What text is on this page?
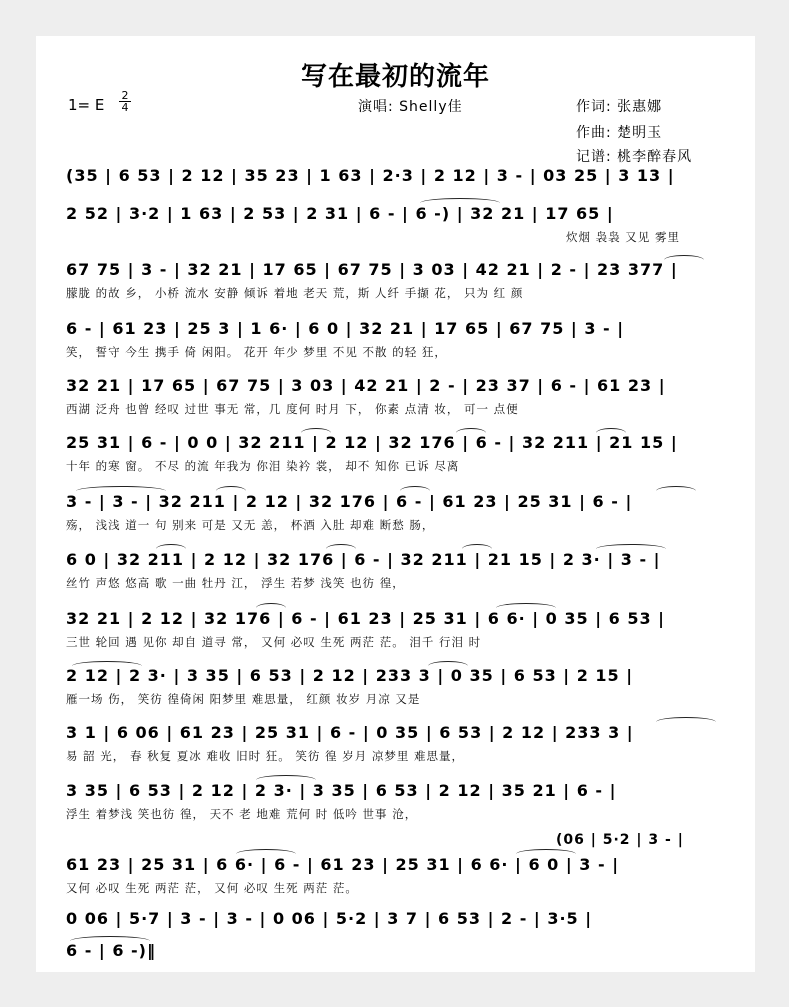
写在最初的流年
1= E
2
4	演唱: Shelly佳	作词: 张惠娜
作曲: 楚明玉
记谱: 桃李醉春风
(35 | 6 53 | 2 12 | 35 23 | 1 63 | 2·3 | 2 12 | 3 - | 03 25 | 3 13 |
2 52 | 3·2 | 1 63 | 2 53 | 2 31 | 6 - | 6 -) | 32 21 | 17 65 |
炊烟 袅袅 又见 雾里
67 75 | 3 - | 32 21 | 17 65 | 67 75 | 3 03 | 42 21 | 2 - | 23 377 |
朦胧 的故 乡， 小桥 流水 安静 倾诉 着地 老天 荒，斯 人纤 手撷 花， 只为 红 颜
6 - | 61 23 | 25 3 | 1 6· | 6 0 | 32 21 | 17 65 | 67 75 | 3 - |
笑， 誓守 今生 携手 倚 闲阳。 花开 年少 梦里 不见 不散 的轻 狂，
32 21 | 17 65 | 67 75 | 3 03 | 42 21 | 2 - | 23 37 | 6 - | 61 23 |
西湖 泛舟 也曾 经叹 过世 事无 常，几 度何 时月 下， 你素 点清 妆， 可一 点便
25 31 | 6 - | 0 0 | 32 211 | 2 12 | 32 176 | 6 - | 32 211 | 21 15 |
十年 的寒 窗。 不尽 的流 年我为 你泪 染衿 裳， 却不 知你 已诉 尽离
3 - | 3 - | 32 211 | 2 12 | 32 176 | 6 - | 61 23 | 25 31 | 6 - |
殇， 浅浅 道一 句 别来 可是 又无 恙， 杯酒 入肚 却难 断愁 肠，
6 0 | 32 211 | 2 12 | 32 176 | 6 - | 32 211 | 21 15 | 2 3· | 3 - |
丝竹 声悠 悠高 歌 一曲 牡丹 江， 浮生 若梦 浅笑 也彷 徨，
32 21 | 2 12 | 32 176 | 6 - | 61 23 | 25 31 | 6 6· | 0 35 | 6 53 |
三世 轮回 遇 见你 却自 道寻 常， 又何 必叹 生死 两茫 茫。 泪千 行泪 时
2 12 | 2 3· | 3 35 | 6 53 | 2 12 | 233 3 | 0 35 | 6 53 | 2 15 |
雁一场 伤， 笑彷 徨倚闲 阳梦里 难思量， 红颜 妆岁 月凉 又是
3 1 | 6 06 | 61 23 | 25 31 | 6 - | 0 35 | 6 53 | 2 12 | 233 3 |
易 韶 光， 春 秋复 夏冰 难收 旧时 狂。 笑彷 徨 岁月 凉梦里 难思量，
3 35 | 6 53 | 2 12 | 2 3· | 3 35 | 6 53 | 2 12 | 35 21 | 6 - |
浮生 着梦浅 笑也彷 徨， 天不 老 地难 荒何 时 低吟 世事 沧，
(06 | 5·2 | 3 - |
61 23 | 25 31 | 6 6· | 6 - | 61 23 | 25 31 | 6 6· | 6 0 | 3 - |
又何 必叹 生死 两茫 茫， 又何 必叹 生死 两茫 茫。
0 06 | 5·7 | 3 - | 3 - | 0 06 | 5·2 | 3 7 | 6 53 | 2 - | 3·5 |
6 - | 6 -)‖
